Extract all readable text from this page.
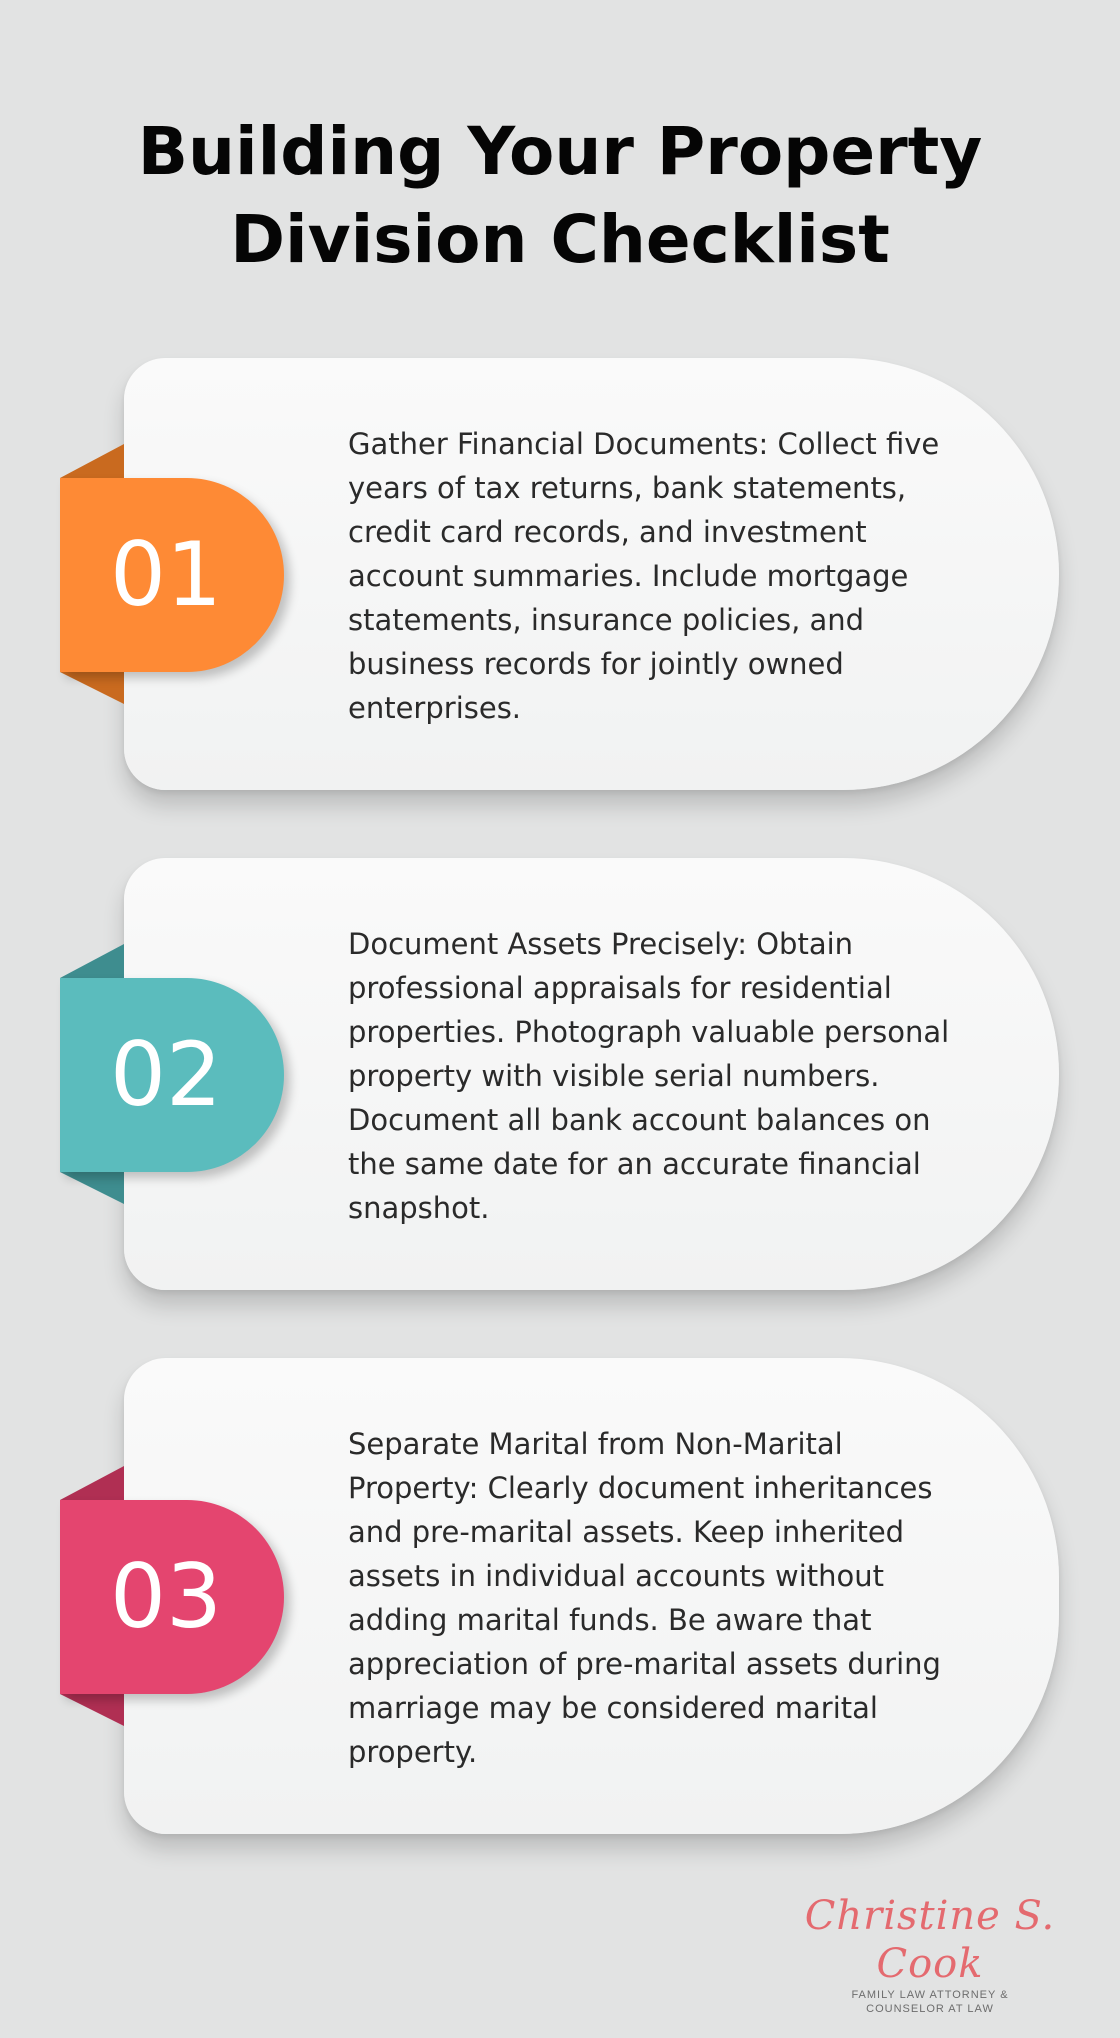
Building Your Property Division Checklist
01

Gather Financial Documents: Collect five years of tax returns, bank statements, credit card records, and investment account summaries. Include mortgage statements, insurance policies, and business records for jointly owned enterprises.

02

Document Assets Precisely: Obtain professional appraisals for residential properties. Photograph valuable personal property with visible serial numbers. Document all bank account balances on the same date for an accurate financial snapshot.

03

Separate Marital from Non-Marital Property: Clearly document inheritances and pre-marital assets. Keep inherited assets in individual accounts without adding marital funds. Be aware that appreciation of pre-marital assets during marriage may be considered marital property.

Christine S. Cook
FAMILY LAW ATTORNEY &
COUNSELOR AT LAW
